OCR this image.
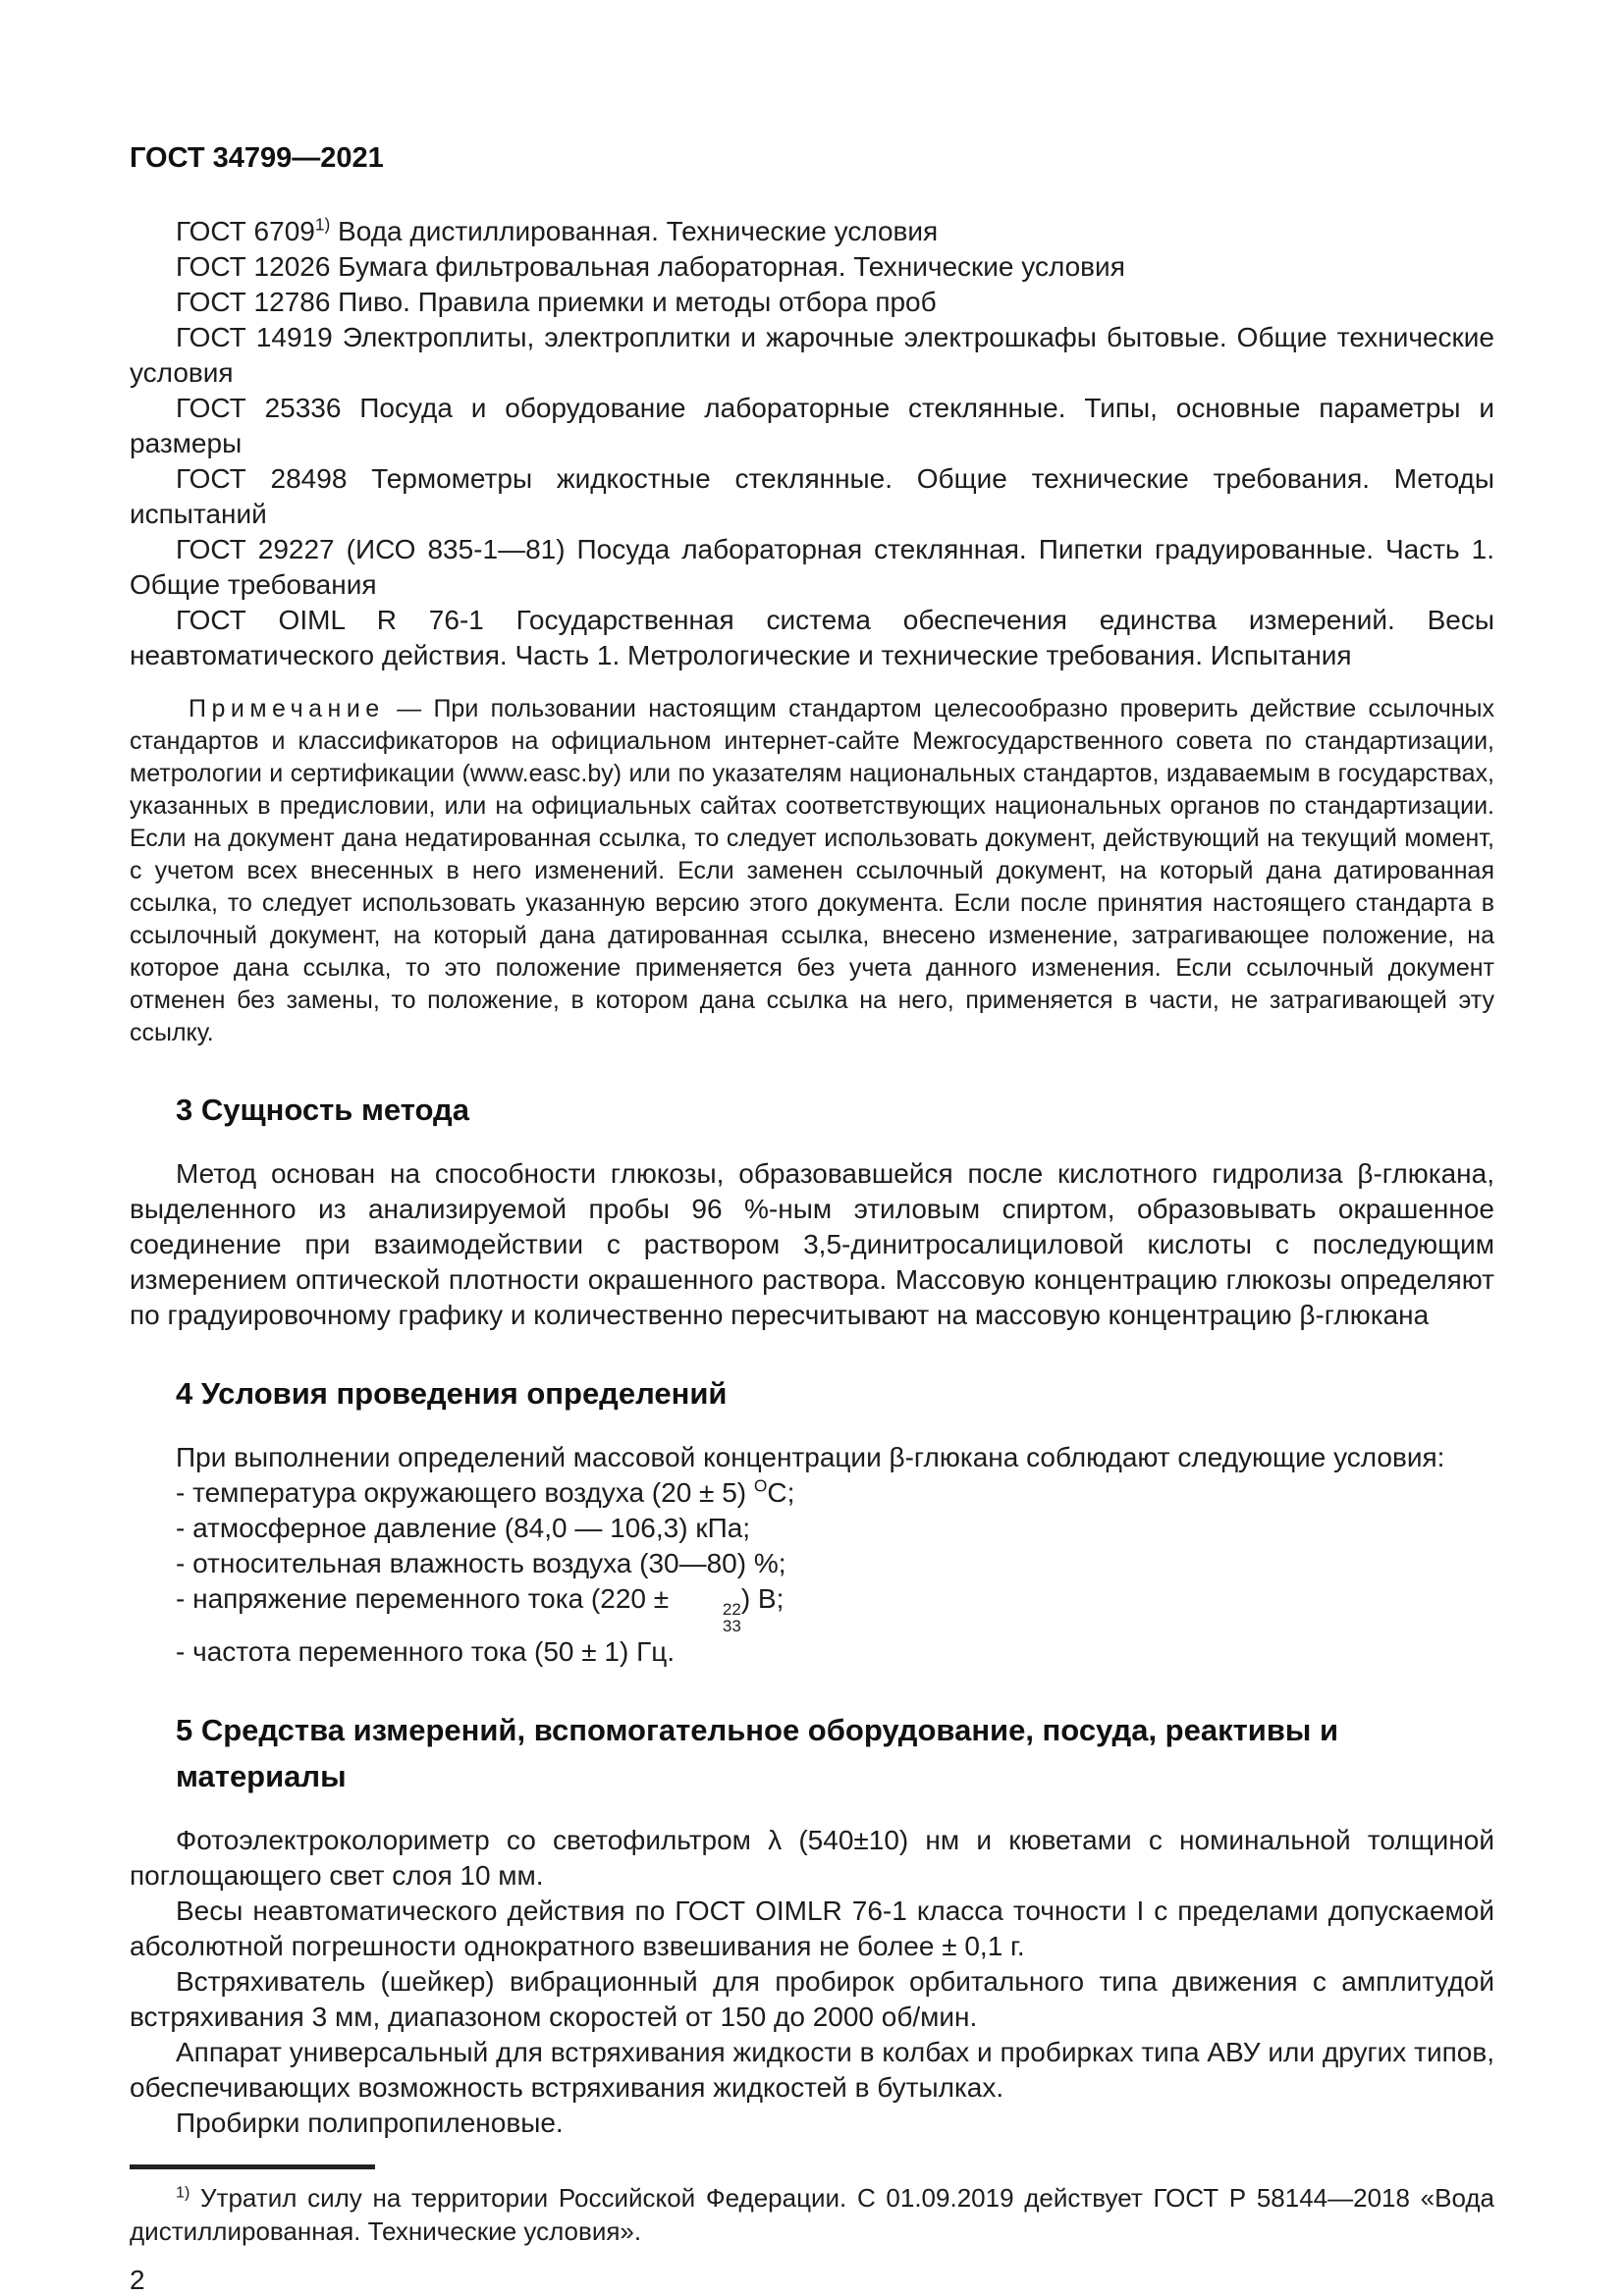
ГОСТ 34799—2021

ГОСТ 6709$^{1)}$ Вода дистиллированная. Технические условия

ГОСТ 12026 Бумага фильтровальная лабораторная. Технические условия

ГОСТ 12786 Пиво. Правила приемки и методы отбора проб

ГОСТ 14919 Электроплиты, электроплитки и жарочные электрошкафы бытовые. Общие технические условия

ГОСТ 25336 Посуда и оборудование лабораторные стеклянные. Типы, основные параметры и размеры

ГОСТ 28498 Термометры жидкостные стеклянные. Общие технические требования. Методы испытаний

ГОСТ 29227 (ИСО 835-1—81) Посуда лабораторная стеклянная. Пипетки градуированные. Часть 1. Общие требования

ГОСТ OIML R 76-1 Государственная система обеспечения единства измерений. Весы неавтоматического действия. Часть 1. Метрологические и технические требования. Испытания

Примечание — При пользовании настоящим стандартом целесообразно проверить действие ссылочных стандартов и классификаторов на официальном интернет-сайте Межгосударственного совета по стандартизации, метрологии и сертификации (www.easc.by) или по указателям национальных стандартов, издаваемым в государствах, указанных в предисловии, или на официальных сайтах соответствующих национальных органов по стандартизации. Если на документ дана недатированная ссылка, то следует использовать документ, действующий на текущий момент, с учетом всех внесенных в него изменений. Если заменен ссылочный документ, на который дана датированная ссылка, то следует использовать указанную версию этого документа. Если после принятия настоящего стандарта в ссылочный документ, на который дана датированная ссылка, внесено изменение, затрагивающее положение, на которое дана ссылка, то это положение применяется без учета данного изменения. Если ссылочный документ отменен без замены, то положение, в котором дана ссылка на него, применяется в части, не затрагивающей эту ссылку.

3 Сущность метода

Метод основан на способности глюкозы, образовавшейся после кислотного гидролиза β-глюкана, выделенного из анализируемой пробы 96 %-ным этиловым спиртом, образовывать окрашенное соединение при взаимодействии с раствором 3,5-динитросалициловой кислоты с последующим измерением оптической плотности окрашенного раствора. Массовую концентрацию глюкозы определяют по градуировочному графику и количественно пересчитывают на массовую концентрацию β-глюкана

4 Условия проведения определений

При выполнении определений массовой концентрации β-глюкана соблюдают следующие условия:

- температура окружающего воздуха (20 ± 5) $^О$С;

- атмосферное давление (84,0 — 106,3) кПа;

- относительная влажность воздуха (30—80) %;

- напряжение переменного тока (220 ±	22
33
) В;

- частота переменного тока (50 ± 1) Гц.

5 Средства измерений, вспомогательное оборудование, посуда, реактивы и материалы

Фотоэлектроколориметр со светофильтром λ (540±10) нм и кюветами с номинальной толщиной поглощающего свет слоя 10 мм.

Весы неавтоматического действия по ГОСТ OIMLR 76-1 класса точности I с пределами допускаемой абсолютной погрешности однократного взвешивания не более ± 0,1 г.

Встряхиватель (шейкер) вибрационный для пробирок орбитального типа движения с амплитудой встряхивания 3 мм, диапазоном скоростей от 150 до 2000 об/мин.

Аппарат универсальный для встряхивания жидкости в колбах и пробирках типа АВУ или других типов, обеспечивающих возможность встряхивания жидкостей в бутылках.

Пробирки полипропиленовые.

$^{1)}$ Утратил силу на территории Российской Федерации. С 01.09.2019 действует ГОСТ Р 58144—2018 «Вода дистиллированная. Технические условия».

2
